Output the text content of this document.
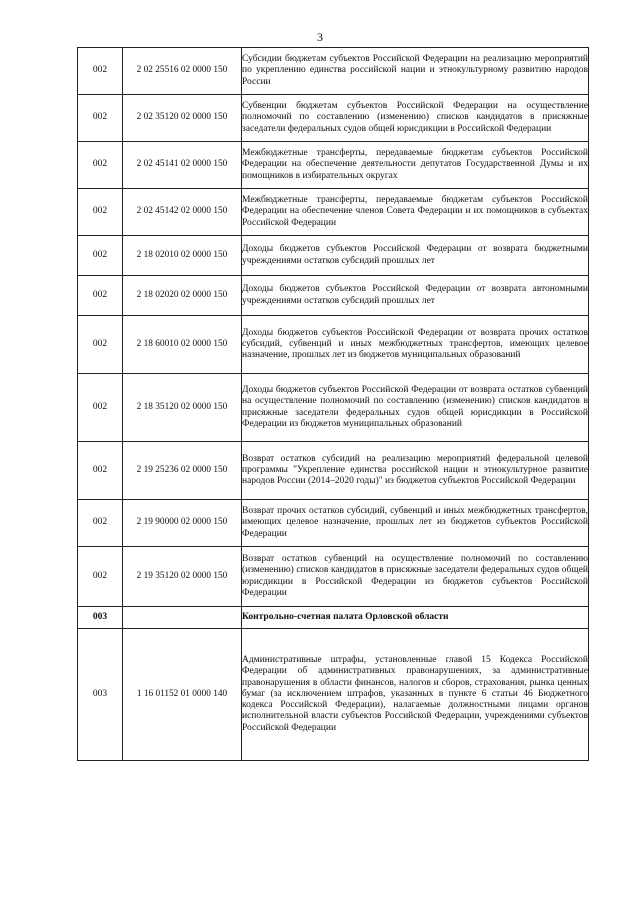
3
002	2 02 25516 02 0000 150	Субсидии бюджетам субъектов Российской Федерации на реализацию мероприятий по укреплению единства российской нации и этнокультурному развитию народов России
002	2 02 35120 02 0000 150	Субвенции бюджетам субъектов Российской Федерации на осуществление полномочий по составлению (изменению) списков кандидатов в присяжные заседатели федеральных судов общей юрисдикции в Российской Федерации
002	2 02 45141 02 0000 150	Межбюджетные трансферты, передаваемые бюджетам субъектов Российской Федерации на обеспечение деятельности депутатов Государственной Думы и их помощников в избирательных округах
002	2 02 45142 02 0000 150	Межбюджетные трансферты, передаваемые бюджетам субъектов Российской Федерации на обеспечение членов Совета Федерации и их помощников в субъектах Российской Федерации
002	2 18 02010 02 0000 150	Доходы бюджетов субъектов Российской Федерации от возврата бюджетными учреждениями остатков субсидий прошлых лет
002	2 18 02020 02 0000 150	Доходы бюджетов субъектов Российской Федерации от возврата автономными учреждениями остатков субсидий прошлых лет
002	2 18 60010 02 0000 150	Доходы бюджетов субъектов Российской Федерации от возврата прочих остатков субсидий, субвенций и иных межбюджетных трансфертов, имеющих целевое назначение, прошлых лет из бюджетов муниципальных образований
002	2 18 35120 02 0000 150	Доходы бюджетов субъектов Российской Федерации от возврата остатков субвенций на осуществление полномочий по составлению (изменению) списков кандидатов в присяжные заседатели федеральных судов общей юрисдикции в Российской Федерации из бюджетов муниципальных образований
002	2 19 25236 02 0000 150	Возврат остатков субсидий на реализацию мероприятий федеральной целевой программы "Укрепление единства российской нации и этнокультурное развитие народов России (2014–2020 годы)" из бюджетов субъектов Российской Федерации
002	2 19 90000 02 0000 150	Возврат прочих остатков субсидий, субвенций и иных межбюджетных трансфертов, имеющих целевое назначение, прошлых лет из бюджетов субъектов Российской Федерации
002	2 19 35120 02 0000 150	Возврат остатков субвенций на осуществление полномочий по составлению (изменению) списков кандидатов в присяжные заседатели федеральных судов общей юрисдикции в Российской Федерации из бюджетов субъектов Российской Федерации
003		Контрольно-счетная палата Орловской области
003	1 16 01152 01 0000 140	Административные штрафы, установленные главой 15 Кодекса Российской Федерации об административных правонарушениях, за административные правонарушения в области финансов, налогов и сборов, страхования, рынка ценных бумаг (за исключением штрафов, указанных в пункте 6 статьи 46 Бюджетного кодекса Российской Федерации), налагаемые должностными лицами органов исполнительной власти субъектов Российской Федерации, учреждениями субъектов Российской Федерации
